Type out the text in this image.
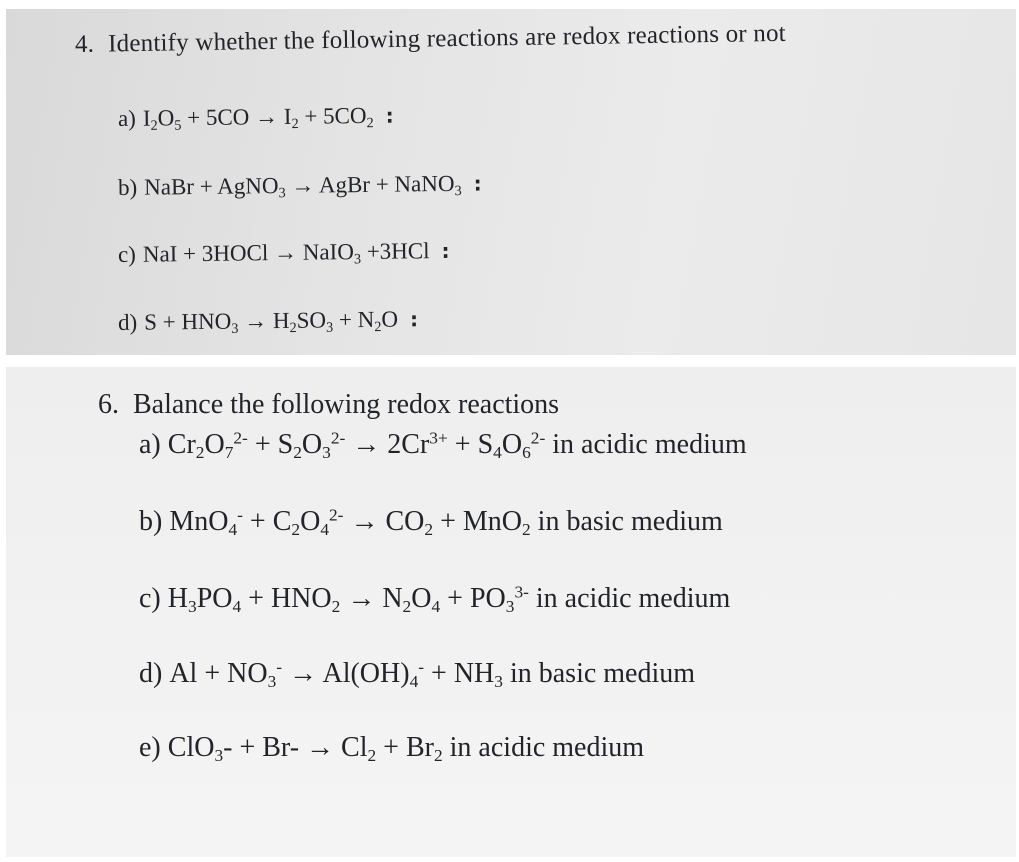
4. Identify whether the following reactions are redox reactions or not
a) $I_2O_5 + 5CO \to I_2 + 5CO_2$ :
b) NaBr + AgNO$_3$ → AgBr + NaNO$_3$ :
c) NaI + 3HOCl → NaIO$_3$ +3HCl :
d) $S + HNO_3 \to H_2SO_3 + N_2O$ :
6. Balance the following redox reactions
a) $Cr_2O_7^{2-} + S_2O_3^{2-} \to 2Cr^{3+} + S_4O_6^{2-}$ in acidic medium
b) $MnO_4^- + C_2O_4^{2-} \to CO_2 + MnO_2$ in basic medium
c) $H_3PO_4 + HNO_2 \to N_2O_4 + PO_3^{3-}$ in acidic medium
d) $Al + NO_3^- \to Al(OH)_4^- + NH_3$ in basic medium
e) $ClO_3- + Br- \to Cl_2 + Br_2$ in acidic medium
